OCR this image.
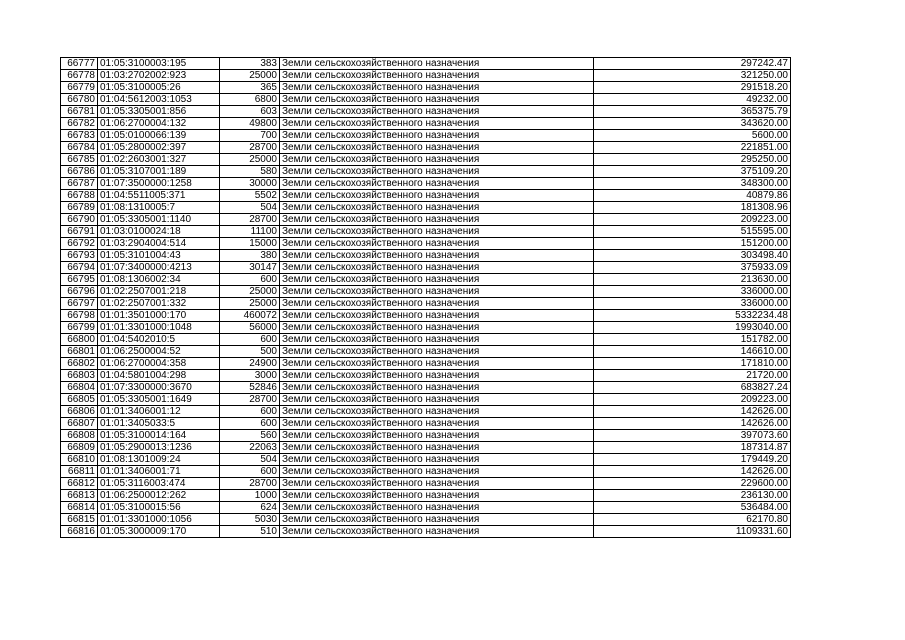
66777	01:05:3100003:195	383	Земли сельскохозяйственного назначения	297242.47
66778	01:03:2702002:923	25000	Земли сельскохозяйственного назначения	321250.00
66779	01:05:3100005:26	365	Земли сельскохозяйственного назначения	291518.20
66780	01:04:5612003:1053	6800	Земли сельскохозяйственного назначения	49232.00
66781	01:05:3305001:856	603	Земли сельскохозяйственного назначения	365375.79
66782	01:06:2700004:132	49800	Земли сельскохозяйственного назначения	343620.00
66783	01:05:0100066:139	700	Земли сельскохозяйственного назначения	5600.00
66784	01:05:2800002:397	28700	Земли сельскохозяйственного назначения	221851.00
66785	01:02:2603001:327	25000	Земли сельскохозяйственного назначения	295250.00
66786	01:05:3107001:189	580	Земли сельскохозяйственного назначения	375109.20
66787	01:07:3500000:1258	30000	Земли сельскохозяйственного назначения	348300.00
66788	01:04:5511005:371	5502	Земли сельскохозяйственного назначения	40879.86
66789	01:08:1310005:7	504	Земли сельскохозяйственного назначения	181308.96
66790	01:05:3305001:1140	28700	Земли сельскохозяйственного назначения	209223.00
66791	01:03:0100024:18	11100	Земли сельскохозяйственного назначения	515595.00
66792	01:03:2904004:514	15000	Земли сельскохозяйственного назначения	151200.00
66793	01:05:3101004:43	380	Земли сельскохозяйственного назначения	303498.40
66794	01:07:3400000:4213	30147	Земли сельскохозяйственного назначения	375933.09
66795	01:08:1306002:34	600	Земли сельскохозяйственного назначения	213630.00
66796	01:02:2507001:218	25000	Земли сельскохозяйственного назначения	336000.00
66797	01:02:2507001:332	25000	Земли сельскохозяйственного назначения	336000.00
66798	01:01:3501000:170	460072	Земли сельскохозяйственного назначения	5332234.48
66799	01:01:3301000:1048	56000	Земли сельскохозяйственного назначения	1993040.00
66800	01:04:5402010:5	600	Земли сельскохозяйственного назначения	151782.00
66801	01:06:2500004:52	500	Земли сельскохозяйственного назначения	146610.00
66802	01:06:2700004:358	24900	Земли сельскохозяйственного назначения	171810.00
66803	01:04:5801004:298	3000	Земли сельскохозяйственного назначения	21720.00
66804	01:07:3300000:3670	52846	Земли сельскохозяйственного назначения	683827.24
66805	01:05:3305001:1649	28700	Земли сельскохозяйственного назначения	209223.00
66806	01:01:3406001:12	600	Земли сельскохозяйственного назначения	142626.00
66807	01:01:3405033:5	600	Земли сельскохозяйственного назначения	142626.00
66808	01:05:3100014:164	560	Земли сельскохозяйственного назначения	397073.60
66809	01:05:2900013:1236	22063	Земли сельскохозяйственного назначения	187314.87
66810	01:08:1301009:24	504	Земли сельскохозяйственного назначения	179449.20
66811	01:01:3406001:71	600	Земли сельскохозяйственного назначения	142626.00
66812	01:05:3116003:474	28700	Земли сельскохозяйственного назначения	229600.00
66813	01:06:2500012:262	1000	Земли сельскохозяйственного назначения	236130.00
66814	01:05:3100015:56	624	Земли сельскохозяйственного назначения	536484.00
66815	01:01:3301000:1056	5030	Земли сельскохозяйственного назначения	62170.80
66816	01:05:3000009:170	510	Земли сельскохозяйственного назначения	1109331.60
